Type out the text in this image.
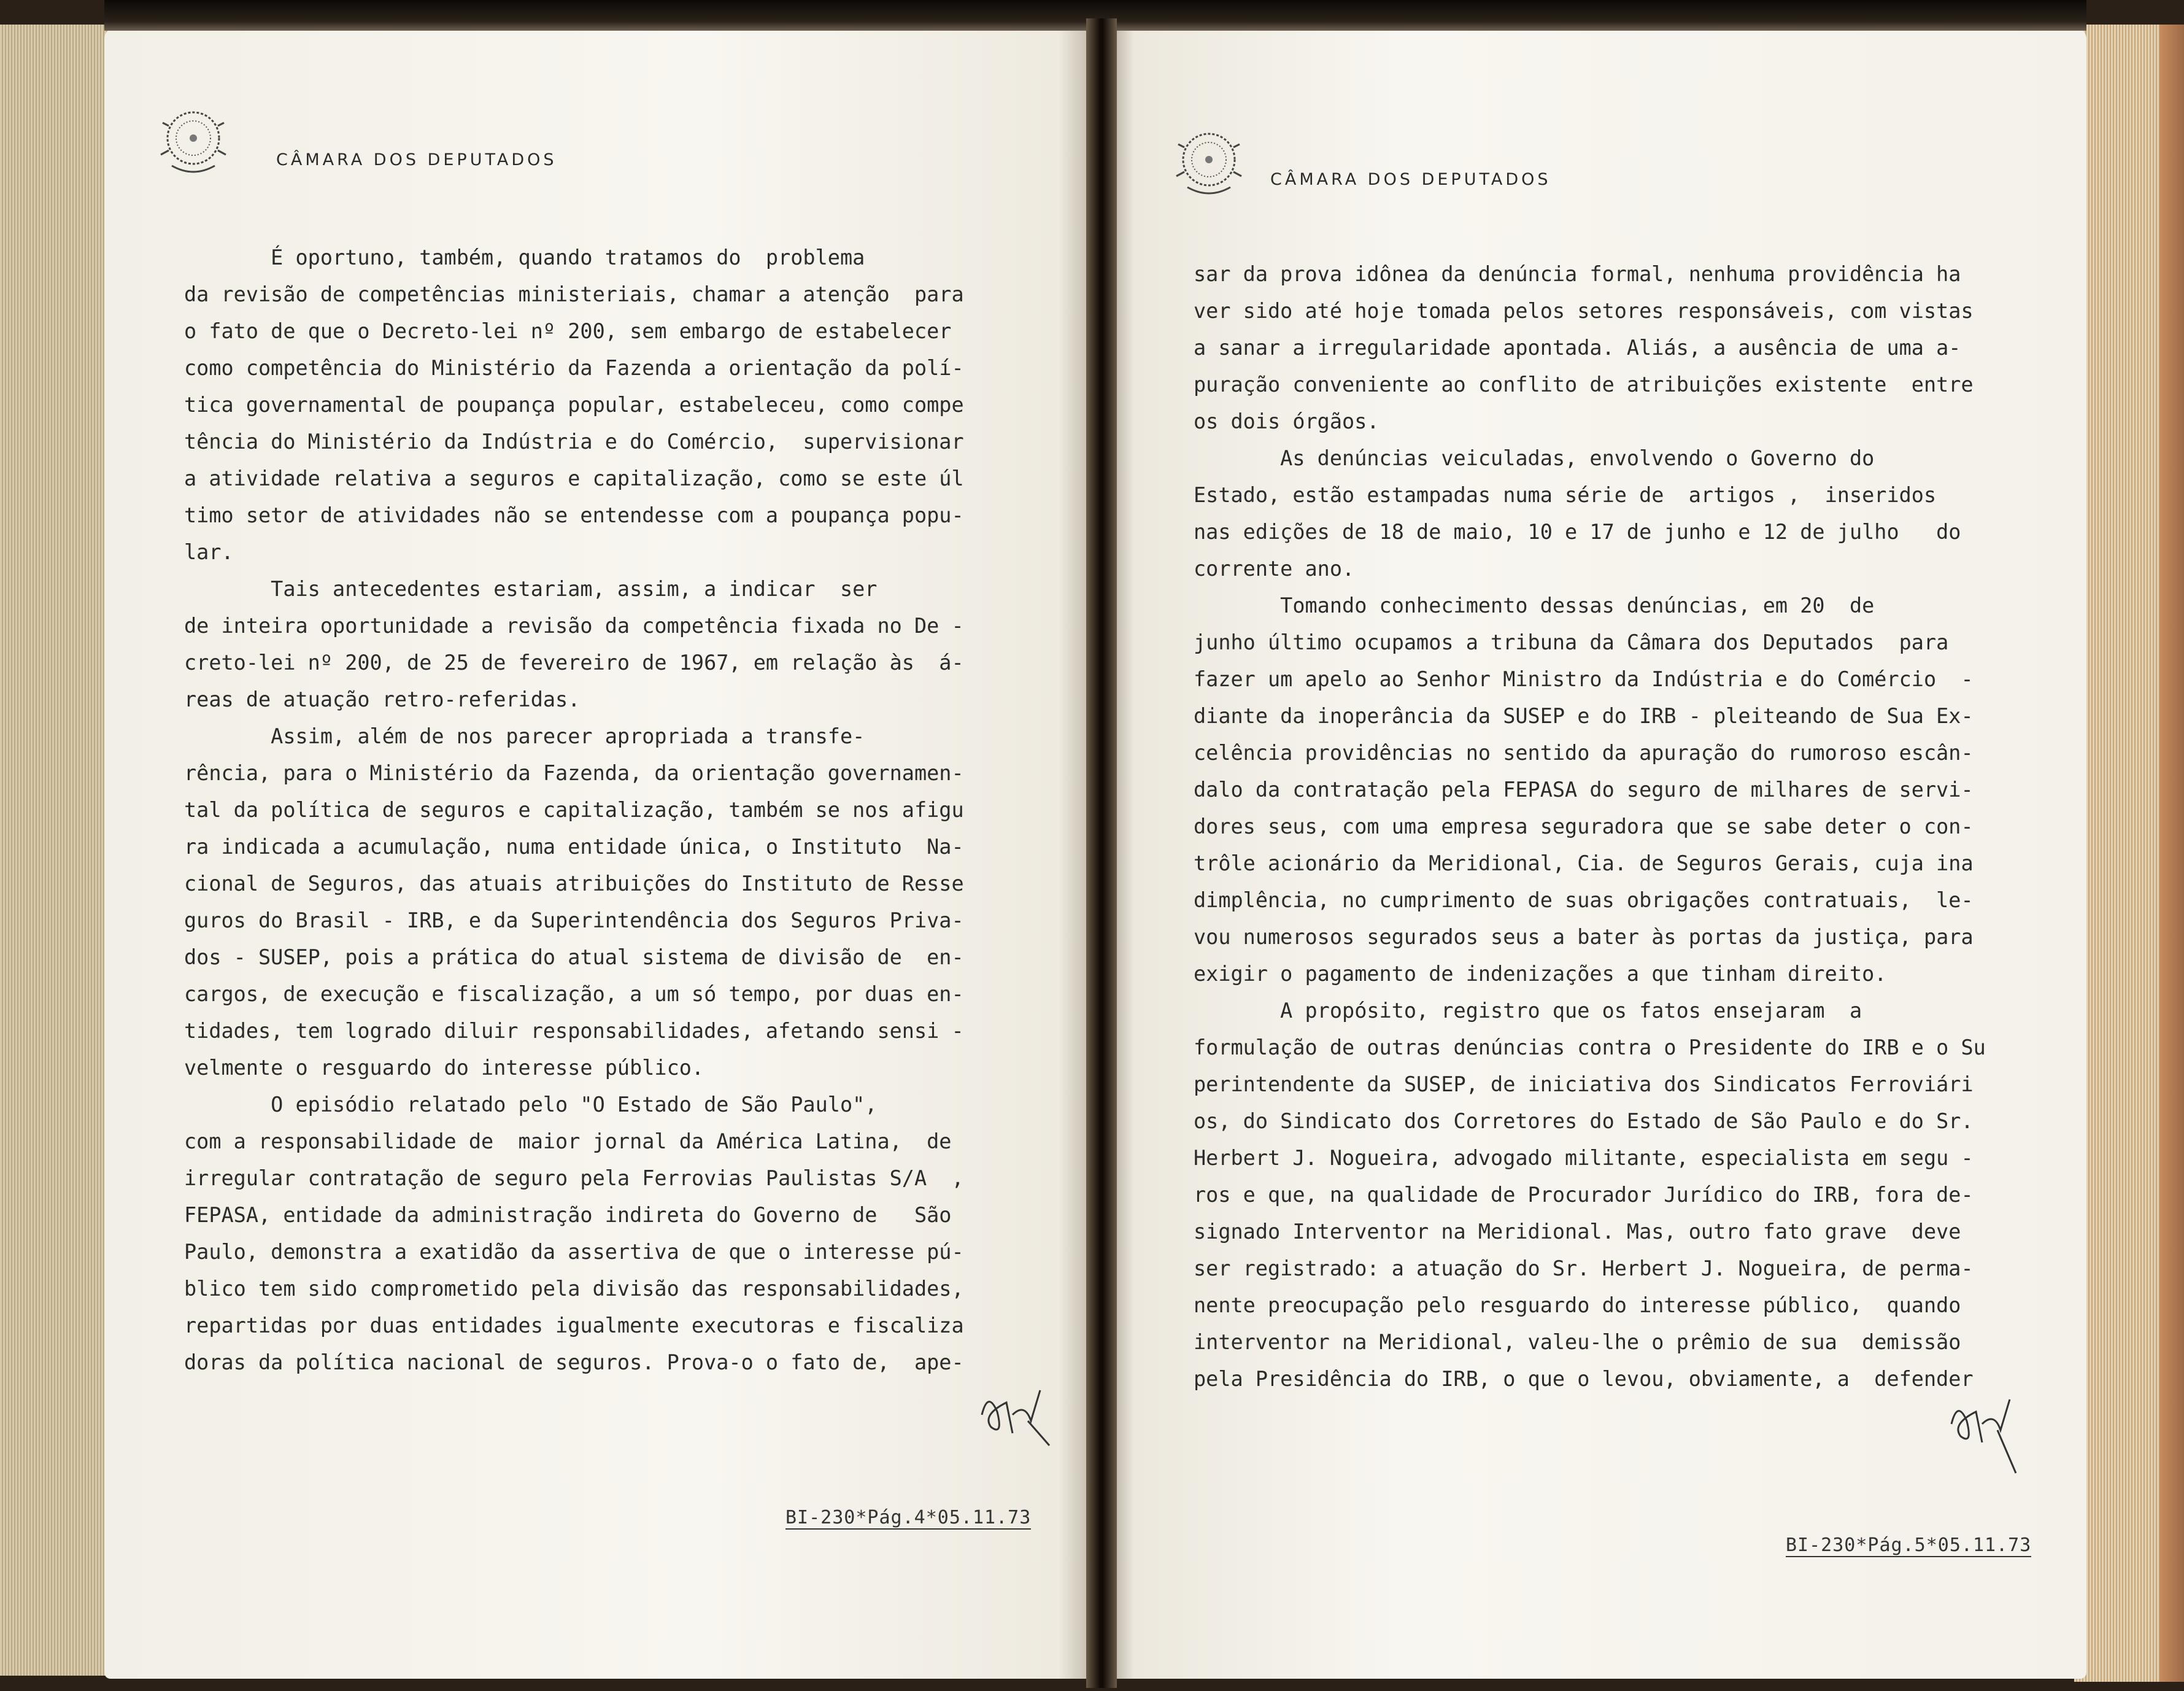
CÂMARA DOS DEPUTADOS
É oportuno, também, quando tratamos do  problema
da revisão de competências ministeriais, chamar a atenção  para
o fato de que o Decreto-lei nº 200, sem embargo de estabelecer
como competência do Ministério da Fazenda a orientação da polí-
tica governamental de poupança popular, estabeleceu, como compe
tência do Ministério da Indústria e do Comércio,  supervisionar
a atividade relativa a seguros e capitalização, como se este úl
timo setor de atividades não se entendesse com a poupança popu-
lar.
Tais antecedentes estariam, assim, a indicar  ser
de inteira oportunidade a revisão da competência fixada no De -
creto-lei nº 200, de 25 de fevereiro de 1967, em relação às  á-
reas de atuação retro-referidas.
Assim, além de nos parecer apropriada a transfe-
rência, para o Ministério da Fazenda, da orientação governamen-
tal da política de seguros e capitalização, também se nos afigu
ra indicada a acumulação, numa entidade única, o Instituto  Na-
cional de Seguros, das atuais atribuições do Instituto de Resse
guros do Brasil - IRB, e da Superintendência dos Seguros Priva-
dos - SUSEP, pois a prática do atual sistema de divisão de  en-
cargos, de execução e fiscalização, a um só tempo, por duas en-
tidades, tem logrado diluir responsabilidades, afetando sensi -
velmente o resguardo do interesse público.
O episódio relatado pelo "O Estado de São Paulo",
com a responsabilidade de  maior jornal da América Latina,  de
irregular contratação de seguro pela Ferrovias Paulistas S/A  ,
FEPASA, entidade da administração indireta do Governo de   São
Paulo, demonstra a exatidão da assertiva de que o interesse pú-
blico tem sido comprometido pela divisão das responsabilidades,
repartidas por duas entidades igualmente executoras e fiscaliza
doras da política nacional de seguros. Prova-o o fato de,  ape-
BI-230*Pág.4*05.11.73
CÂMARA DOS DEPUTADOS
sar da prova idônea da denúncia formal, nenhuma providência ha
ver sido até hoje tomada pelos setores responsáveis, com vistas
a sanar a irregularidade apontada. Aliás, a ausência de uma a-
puração conveniente ao conflito de atribuições existente  entre
os dois órgãos.
As denúncias veiculadas, envolvendo o Governo do
Estado, estão estampadas numa série de  artigos ,  inseridos
nas edições de 18 de maio, 10 e 17 de junho e 12 de julho   do
corrente ano.
Tomando conhecimento dessas denúncias, em 20  de
junho último ocupamos a tribuna da Câmara dos Deputados  para
fazer um apelo ao Senhor Ministro da Indústria e do Comércio  -
diante da inoperância da SUSEP e do IRB - pleiteando de Sua Ex-
celência providências no sentido da apuração do rumoroso escân-
dalo da contratação pela FEPASA do seguro de milhares de servi-
dores seus, com uma empresa seguradora que se sabe deter o con-
trôle acionário da Meridional, Cia. de Seguros Gerais, cuja ina
dimplência, no cumprimento de suas obrigações contratuais,  le-
vou numerosos segurados seus a bater às portas da justiça, para
exigir o pagamento de indenizações a que tinham direito.
A propósito, registro que os fatos ensejaram  a
formulação de outras denúncias contra o Presidente do IRB e o Su
perintendente da SUSEP, de iniciativa dos Sindicatos Ferroviári
os, do Sindicato dos Corretores do Estado de São Paulo e do Sr.
Herbert J. Nogueira, advogado militante, especialista em segu -
ros e que, na qualidade de Procurador Jurídico do IRB, fora de-
signado Interventor na Meridional. Mas, outro fato grave  deve
ser registrado: a atuação do Sr. Herbert J. Nogueira, de perma-
nente preocupação pelo resguardo do interesse público,  quando
interventor na Meridional, valeu-lhe o prêmio de sua  demissão
pela Presidência do IRB, o que o levou, obviamente, a  defender
BI-230*Pág.5*05.11.73
